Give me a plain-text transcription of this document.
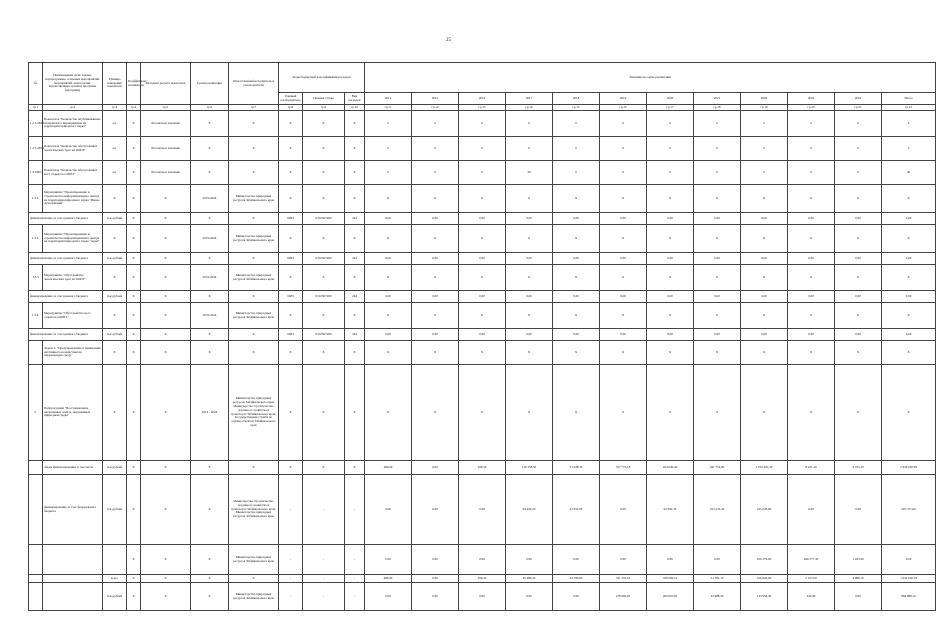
25
№	Наименование цели, задачи, подпрограммы, основных мероприятий, мероприятий, показателей, ведомственных целевых программ (программ)	Единица измерения показателя	Коэффициент значимости	Методика расчета показателя	Сроки реализации	Ответственный исполнитель и соисполнители	Коды бюджетной классификации расходов			Значения по годам реализации											
							Главный распорядитель	Целевая статья	Вид расходов	2014	2015	2016	2017	2018	2019	2020	2021	2022	2023	2024	Итого
гр.1	гр.2	гр.3	гр.4	гр.5	гр.6	гр.7	гр.8	гр.9	гр.10	гр.11	гр.12	гр.13	гр.14	гр.15	гр.16	гр.17	гр.18	гр.19	гр.20	гр.21	гр.22
1.2.3.2МО	Показатель "Количество опубликованных материалов о мероприятиях на территории природного парка"	ед.	X	абсолютное значение	X	X	X	X	X	0	0	0	0	0	0	0	0	0	0	0	0
1.2.3.2МО	Показатель "Количество обустроенных экологических троп на ООПТ"	ед.	X	абсолютное значение	X	X	X	X	X	0	0	0	0	0	0	0	0	0	0	0	3
1.3.2МО	Показатель "Количество обустроенных мест отдыха на ООПТ"	ед.	X	абсолютное значение	X	X	X	X	X	0	0	0	40	0	0	0	0	0	0	0	40
1.3.1.	Мероприятие "Проектирование и строительство информационного центра на территории природного парка "Ивано-Арахлейский"	X	X	X	2019-2024	Министерство природных ресурсов Забайкальского края	X	X	X	X	X	X	X	X	X	X	X	X	X	X	X
финансирование за счет краевого бюджета		тыс.рублей	X	X	X	X	0483	0310307200	244	0,00	0,00	0,00	0,00	0,00	0,00	0,00	0,00	0,00	0,00	0,00	0,00
1.3.1.	Мероприятие "Проектирование и строительство информационного центра на территории природного парка "Арей"	X	X	X	2019-2024	Министерство природных ресурсов Забайкальского края	X	X	X	X	X	X	X	X	X	X	X	X	X	X	X
финансирование за счет краевого бюджета		тыс.рублей	X	X	X	X	0483	0310307200	244	0,00	0,00	0,00	0,00	0,00	0,00	0,00	0,00	0,00	0,00	0,00	0,00
1.3.3	Мероприятие "Обустройство экологических троп на ООПТ"	X	X	X	2019-2024	Министерство природных ресурсов Забайкальского края	X	X	X	X	X	X	X	X	X	X	X	X	X	X	X
финансирование за счет краевого бюджета		тыс.рублей	X	X	X	X	0483	0310307200	244	0,00	0,00	0,00	0,00	0,00	0,00	0,00	0,00	0,00	0,00	0,00	0,00
1.3.4.	Мероприятие "Обустройство мест отдыха на ООПТ"	X	X	X	2019-2024	Министерство природных ресурсов Забайкальского края	X	X	X	X	X	X	X	X	X	X	X	X	X	X	X
финансирование за счет краевого бюджета		тыс.рублей	X	X	X	X	0483	0310307200	244	0,00	0,00	0,00	0,00	0,00	0,00	0,00	0,00	0,00	0,00	0,00	0,00
	Задача 2. "Предупреждение и ликвидация негативного воздействия на окружающую среду"	X	X	X	X	X	X	X	X	X	X	X	X	X	X	X	X	X	X	X	X
2.	Подпрограмма "Восстановление нарушенных земель, нарушенных природной среды"	X	X	X	2014 - 2024	Министерство природных ресурсов Забайкальского края; Министерство строительства, дорожного хозяйства и транспорта Забайкальского края; Государственная служба по охране объектов Забайкальского края	X	X	X	X	X	X	X	X	X	X	X	X	X	X	X
	объем финансирования, в том числе	тыс.рублей	X	X	X	X	X	X	X	480,00	0,00	209,50	136 356,50	53 628,30	537 773,18	424 049,40	441 753,00	1 019 201,30	8 431,20	4 763,10	2 939 630,99
	финансирование за счет федерального бюджета	тыс.рублей	X	X	X	Министерство строительства, дорожного хозяйства и транспорта Забайкальского края; Министерство природных ресурсов Забайкальского края	-	-	-	0,00	0,00	0,00	94 024,20	22 952,00	0,00	92 092,30	193 276,30	195 626,60	0,00	0,00	597 371,60
			X	X	X	Министерство природных ресурсов Забайкальского края	-	-	-	0,00	0,00	0,00	0,00	0,00	0,00	0,00	0,00	160 376,00	649 577,30	1 433,20	0,00
		всего	X	X	X	X	-	-	-	480,00	0,00	209,50	26 489,30	24 780,00	331 555,91	339 909,10	51 581,10	166 626,00	5 017,00	4 988,10	1 032 630,79
		тыс.рублей	X	X	X	Министерство природных ресурсов Забайкальского края	-	-	-	0,00	0,00	0,00	0,00	0,00	478 994,00	269 697,00	33 988,20	143 956,30	242,80	0,00	884 888,10
